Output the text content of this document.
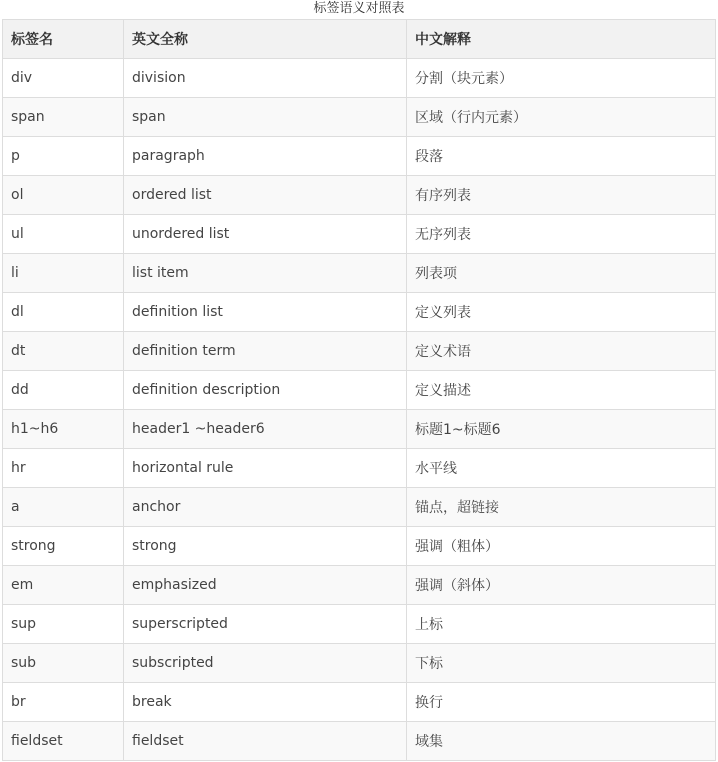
标签语义对照表
标签名	英文全称	中文解释
div	division	分割（块元素）
span	span	区域（行内元素）
p	paragraph	段落
ol	ordered list	有序列表
ul	unordered list	无序列表
li	list item	列表项
dl	definition list	定义列表
dt	definition term	定义术语
dd	definition description	定义描述
h1~h6	header1 ~header6	标题1~标题6
hr	horizontal rule	水平线
a	anchor	锚点，超链接
strong	strong	强调（粗体）
em	emphasized	强调（斜体）
sup	superscripted	上标
sub	subscripted	下标
br	break	换行
fieldset	fieldset	域集
